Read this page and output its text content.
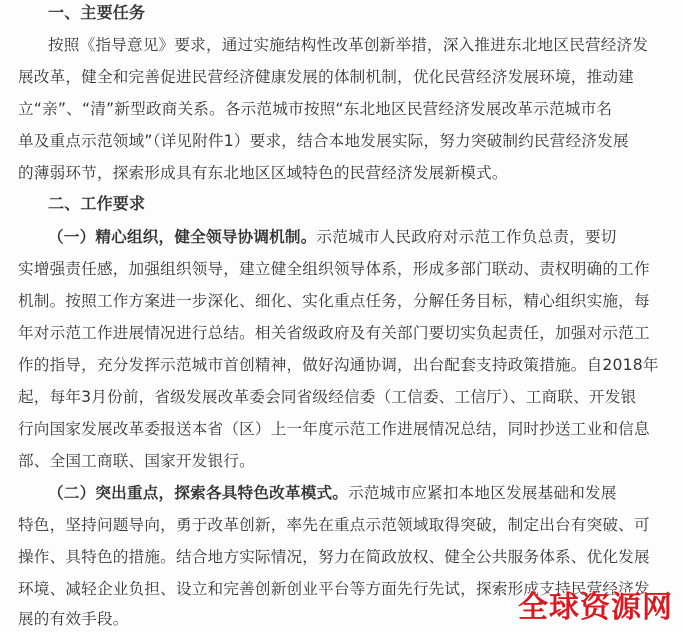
一、主要任务
按照《指导意见》要求，通过实施结构性改革创新举措，深入推进东北地区民营经济发
展改革，健全和完善促进民营经济健康发展的体制机制，优化民营经济发展环境，推动建
立“亲”、“清”新型政商关系。各示范城市按照“东北地区民营经济发展改革示范城市名
单及重点示范领域”（详见附件1）要求，结合本地发展实际，努力突破制约民营经济发展
的薄弱环节，探索形成具有东北地区区域特色的民营经济发展新模式。
二、工作要求
（一）精心组织，健全领导协调机制。示范城市人民政府对示范工作负总责，要切
实增强责任感，加强组织领导，建立健全组织领导体系，形成多部门联动、责权明确的工作
机制。按照工作方案进一步深化、细化、实化重点任务，分解任务目标，精心组织实施，每
年对示范工作进展情况进行总结。相关省级政府及有关部门要切实负起责任，加强对示范工
作的指导，充分发挥示范城市首创精神，做好沟通协调，出台配套支持政策措施。自2018年
起，每年3月份前，省级发展改革委会同省级经信委（工信委、工信厅）、工商联、开发银
行向国家发展改革委报送本省（区）上一年度示范工作进展情况总结，同时抄送工业和信息
部、全国工商联、国家开发银行。
（二）突出重点，探索各具特色改革模式。示范城市应紧扣本地区发展基础和发展
特色，坚持问题导向，勇于改革创新，率先在重点示范领域取得突破，制定出台有突破、可
操作、具特色的措施。结合地方实际情况，努力在简政放权、健全公共服务体系、优化发展
环境、减轻企业负担、设立和完善创新创业平台等方面先行先试，探索形成支持民营经济发
展的有效手段。	全球资源网
